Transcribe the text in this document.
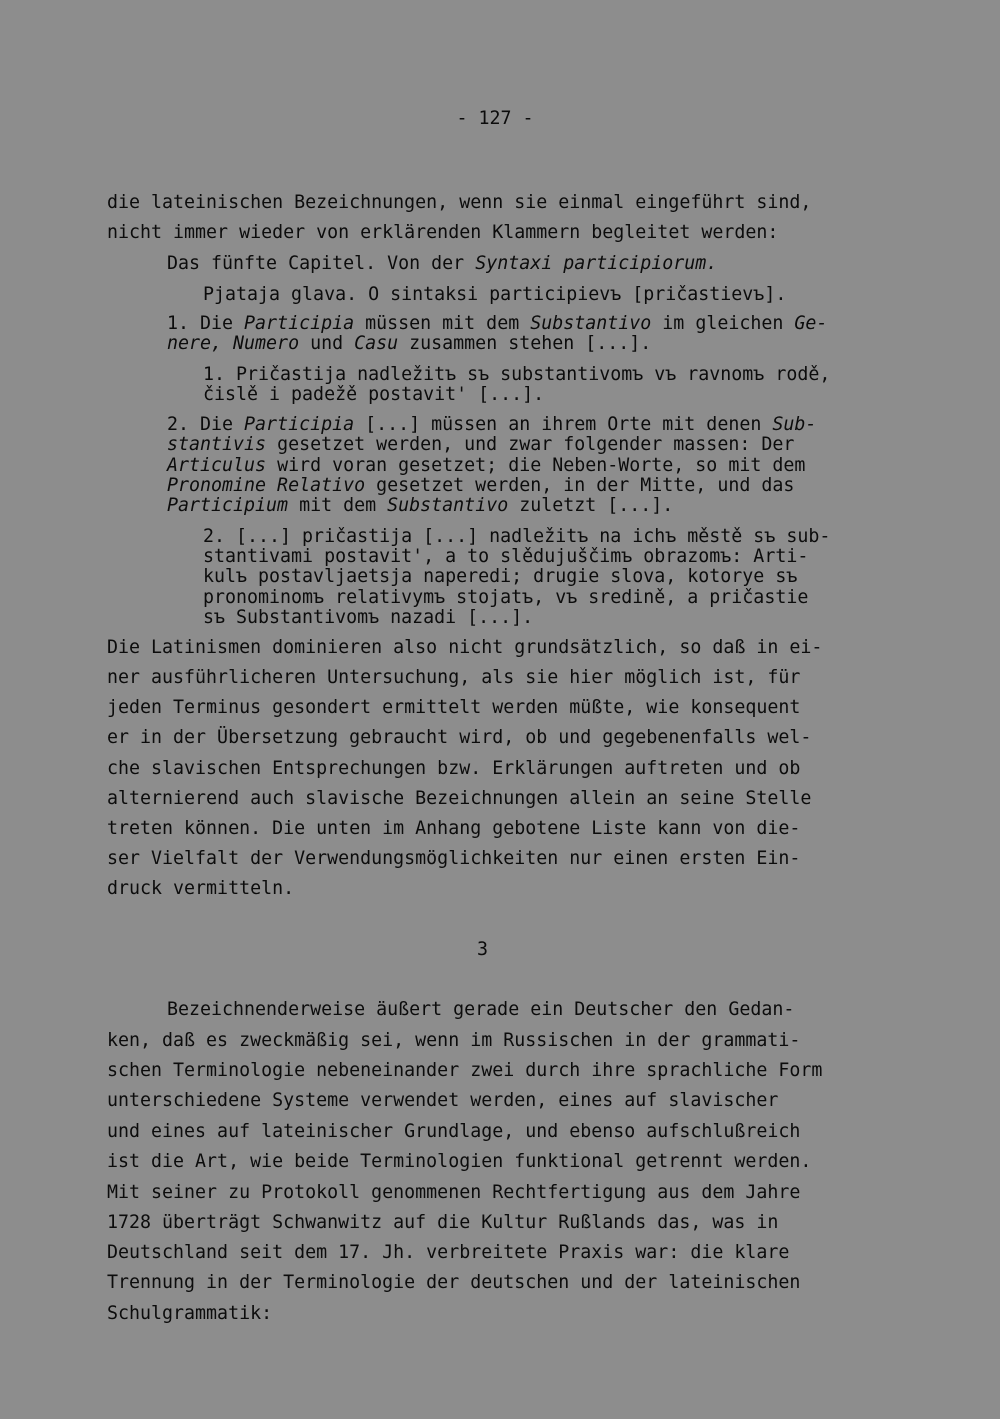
- 127 -
die lateinischen Bezeichnungen, wenn sie einmal eingeführt sind,
nicht immer wieder von erklärenden Klammern begleitet werden:
Das fünfte Capitel. Von der Syntaxi participiorum.
Pjataja glava. O sintaksi participievъ [pričastievъ].
1. Die Participia müssen mit dem Substantivo im gleichen Ge-
nere, Numero und Casu zusammen stehen [...].
1. Pričastija nadležitъ sъ substantivomъ vъ ravnomъ rodě,
čislě i padežě postavit' [...].
2. Die Participia [...] müssen an ihrem Orte mit denen Sub-
stantivis gesetzet werden, und zwar folgender massen: Der
Articulus wird voran gesetzet; die Neben-Worte, so mit dem
Pronomine Relativo gesetzet werden, in der Mitte, und das
Participium mit dem Substantivo zuletzt [...].
2. [...] pričastija [...] nadležitъ na ichъ městě sъ sub-
stantivami postavit', a to slědujuščimъ obrazomъ: Arti-
kulъ postavljaetsja naperedi; drugie slova, kotorye sъ
pronominomъ relativymъ stojatъ, vъ sredině, a pričastie
sъ Substantivomъ nazadi [...].
Die Latinismen dominieren also nicht grundsätzlich, so daß in ei-
ner ausführlicheren Untersuchung, als sie hier möglich ist, für
jeden Terminus gesondert ermittelt werden müßte, wie konsequent
er in der Übersetzung gebraucht wird, ob und gegebenenfalls wel-
che slavischen Entsprechungen bzw. Erklärungen auftreten und ob
alternierend auch slavische Bezeichnungen allein an seine Stelle
treten können. Die unten im Anhang gebotene Liste kann von die-
ser Vielfalt der Verwendungsmöglichkeiten nur einen ersten Ein-
druck vermitteln.
3
Bezeichnenderweise äußert gerade ein Deutscher den Gedan-
ken, daß es zweckmäßig sei, wenn im Russischen in der grammati-
schen Terminologie nebeneinander zwei durch ihre sprachliche Form
unterschiedene Systeme verwendet werden, eines auf slavischer
und eines auf lateinischer Grundlage, und ebenso aufschlußreich
ist die Art, wie beide Terminologien funktional getrennt werden.
Mit seiner zu Protokoll genommenen Rechtfertigung aus dem Jahre
1728 überträgt Schwanwitz auf die Kultur Rußlands das, was in
Deutschland seit dem 17. Jh. verbreitete Praxis war: die klare
Trennung in der Terminologie der deutschen und der lateinischen
Schulgrammatik:
